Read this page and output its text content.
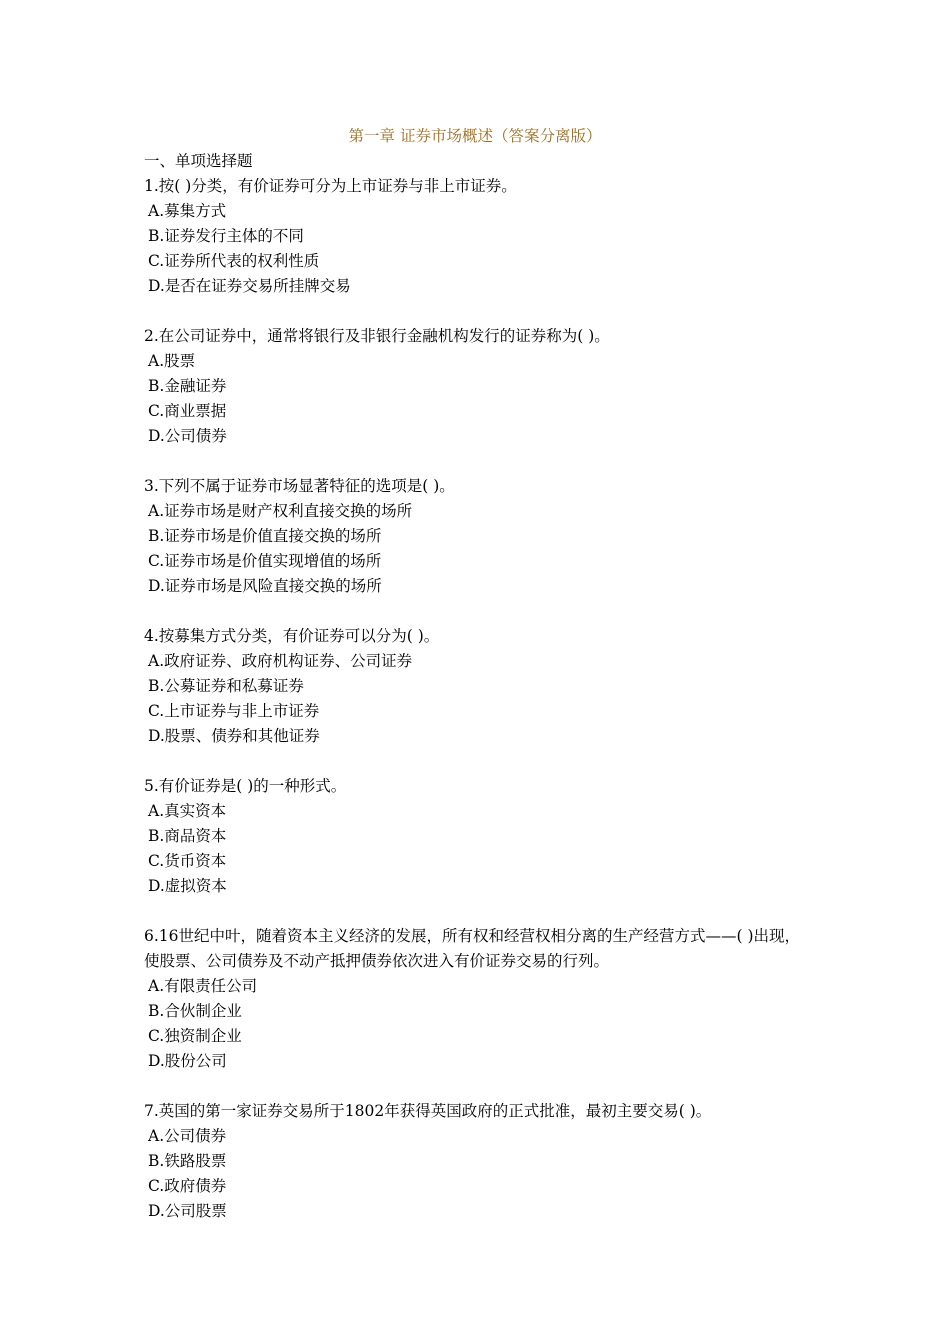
第一章 证券市场概述（答案分离版）

一、单项选择题

1.按( )分类，有价证券可分为上市证券与非上市证券。

A.募集方式

B.证券发行主体的不同

C.证券所代表的权利性质

D.是否在证券交易所挂牌交易

2.在公司证券中，通常将银行及非银行金融机构发行的证券称为( )。

A.股票

B.金融证券

C.商业票据

D.公司债券

3.下列不属于证券市场显著特征的选项是( )。

A.证券市场是财产权利直接交换的场所

B.证券市场是价值直接交换的场所

C.证券市场是价值实现增值的场所

D.证券市场是风险直接交换的场所

4.按募集方式分类，有价证券可以分为( )。

A.政府证券、政府机构证券、公司证券

B.公募证券和私募证券

C.上市证券与非上市证券

D.股票、债券和其他证券

5.有价证券是( )的一种形式。

A.真实资本

B.商品资本

C.货币资本

D.虚拟资本

6.16世纪中叶，随着资本主义经济的发展，所有权和经营权相分离的生产经营方式——( )出现，使股票、公司债券及不动产抵押债券依次进入有价证券交易的行列。

A.有限责任公司

B.合伙制企业

C.独资制企业

D.股份公司

7.英国的第一家证券交易所于1802年获得英国政府的正式批准，最初主要交易( )。

A.公司债券

B.铁路股票

C.政府债券

D.公司股票
